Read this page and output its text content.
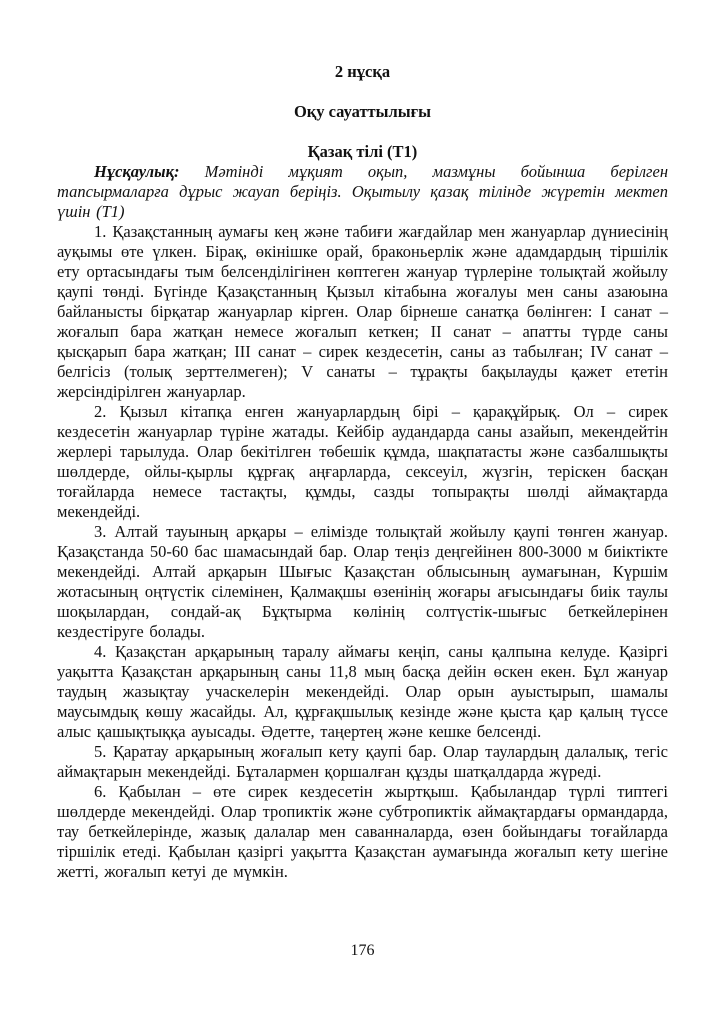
2 нұсқа
Оқу сауаттылығы
Қазақ тілі (Т1)

Нұсқаулық: Мәтінді мұқият оқып, мазмұны бойынша берілген тапсырмаларға дұрыс жауап беріңіз. Оқытылу қазақ тілінде жүретін мектеп үшін (Т1)

1. Қазақстанның аумағы кең және табиғи жағдайлар мен жануарлар дүниесінің ауқымы өте үлкен. Бірақ, өкінішке орай, браконьерлік және адамдардың тіршілік ету ортасындағы тым белсенділігінен көптеген жануар түрлеріне толықтай жойылу қаупі төнді. Бүгінде Қазақстанның Қызыл кітабына жоғалуы мен саны азаюына байланысты бірқатар жануарлар кірген. Олар бірнеше санатқа бөлінген: I санат – жоғалып бара жатқан немесе жоғалып кеткен; II санат – апатты түрде саны қысқарып бара жатқан; III санат – сирек кездесетін, саны аз табылған; IV санат – белгісіз (толық зерттелмеген); V санаты – тұрақты бақылауды қажет ететін жерсіндірілген жануарлар.

2. Қызыл кітапқа енген жануарлардың бірі – қарақұйрық. Ол – сирек кездесетін жануарлар түріне жатады. Кейбір аудандарда саны азайып, мекендейтін жерлері тарылуда. Олар бекітілген төбешік құмда, шақпатасты және сазбалшықты шөлдерде, ойлы-қырлы құрғақ аңғарларда, сексеуіл, жүзгін, теріскен басқан тоғайларда немесе тастақты, құмды, сазды топырақты шөлді аймақтарда мекендейді.

3. Алтай тауының арқары – елімізде толықтай жойылу қаупі төнген жануар. Қазақстанда 50-60 бас шамасындай бар. Олар теңіз деңгейінен 800-3000 м биіктікте мекендейді. Алтай арқарын Шығыс Қазақстан облысының аумағынан, Күршім жотасының оңтүстік сілемінен, Қалмақшы өзенінің жоғары ағысындағы биік таулы шоқылардан, сондай-ақ Бұқтырма көлінің солтүстік-шығыс беткейлерінен кездестіруге болады.

4. Қазақстан арқарының таралу аймағы кеңіп, саны қалпына келуде. Қазіргі уақытта Қазақстан арқарының саны 11,8 мың басқа дейін өскен екен. Бұл жануар таудың жазықтау учаскелерін мекендейді. Олар орын ауыстырып, шамалы маусымдық көшу жасайды. Ал, құрғақшылық кезінде және қыста қар қалың түссе алыс қашықтыққа ауысады. Әдетте, таңертең және кешке белсенді.

5. Қаратау арқарының жоғалып кету қаупі бар. Олар таулардың далалық, тегіс аймақтарын мекендейді. Бұталармен қоршалған құзды шатқалдарда жүреді.

6. Қабылан – өте сирек кездесетін жыртқыш. Қабыландар түрлі типтегі шөлдерде мекендейді. Олар тропиктік және субтропиктік аймақтардағы ормандарда, тау беткейлерінде, жазық далалар мен саванналарда, өзен бойындағы тоғайларда тіршілік етеді. Қабылан қазіргі уақытта Қазақстан аумағында жоғалып кету шегіне жетті, жоғалып кетуі де мүмкін.

176
